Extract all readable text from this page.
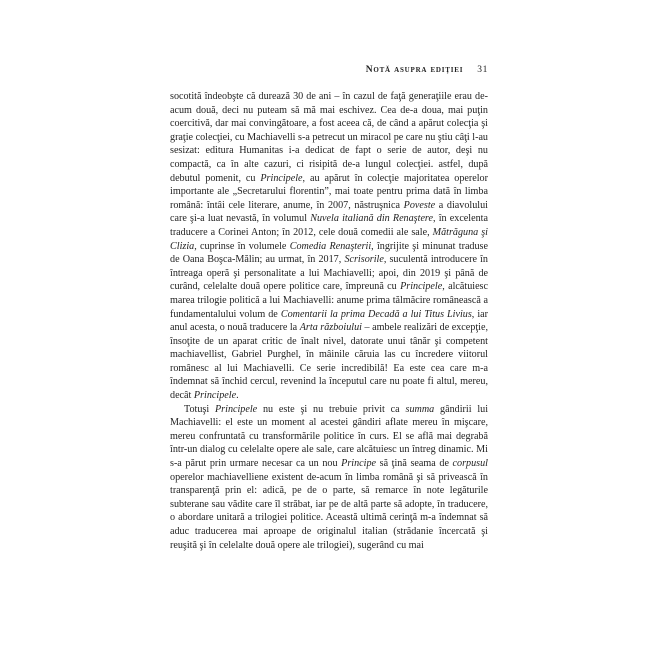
Notă asupra ediţiei 31

socotită îndeobşte că durează 30 de ani – în cazul de faţă generaţiile erau de-acum două, deci nu puteam să mă mai eschivez. Cea de-a doua, mai puţin coercitivă, dar mai convingătoare, a fost aceea că, de când a apărut colecţia şi graţie colecţiei, cu Machiavelli s-a petrecut un miracol pe care nu ştiu câţi l-au sesizat: editura Humanitas i-a dedicat de fapt o serie de autor, deşi nu compactă, ca în alte cazuri, ci risipită de-a lungul colecţiei. astfel, după debutul pomenit, cu Principele, au apărut în colecţie majoritatea operelor importante ale „Secretarului florentin”, mai toate pentru prima dată în limba română: întâi cele literare, anume, în 2007, năstruşnica Poveste a diavolului care şi-a luat nevastă, în volumul Nuvela italiană din Renaştere, în excelenta traducere a Corinei Anton; în 2012, cele două comedii ale sale, Mătrăguna şi Clizia, cuprinse în volumele Comedia Renaşterii, îngrijite şi minunat traduse de Oana Boşca-Mălin; au urmat, în 2017, Scrisorile, suculentă introducere în întreaga operă şi personalitate a lui Machiavelli; apoi, din 2019 şi până de curând, celelalte două opere politice care, împreună cu Principele, alcătuiesc marea trilogie politică a lui Machiavelli: anume prima tălmăcire românească a fundamentalului volum de Comentarii la prima Decadă a lui Titus Livius, iar anul acesta, o nouă traducere la Arta războiului – ambele realizări de excepţie, însoţite de un aparat critic de înalt nivel, datorate unui tânăr şi competent machiavellist, Gabriel Purghel, în mâinile căruia las cu încredere viitorul românesc al lui Machiavelli. Ce serie incredibilă! Ea este cea care m-a îndemnat să închid cercul, revenind la începutul care nu poate fi altul, mereu, decât Principele.

Totuşi Principele nu este şi nu trebuie privit ca summa gândirii lui Machiavelli: el este un moment al acestei gândiri aflate mereu în mişcare, mereu confruntată cu transformările politice în curs. El se află mai degrabă într-un dialog cu celelalte opere ale sale, care alcătuiesc un întreg dinamic. Mi s-a părut prin urmare necesar ca un nou Principe să ţină seama de corpusul operelor machiavelliene existent de-acum în limba română şi să privească în transparenţă prin el: adică, pe de o parte, să remarce în note legăturile subterane sau vădite care îl străbat, iar pe de altă parte să adopte, în traducere, o abordare unitară a trilogiei politice. Această ultimă cerinţă m-a îndemnat să aduc traducerea mai aproape de originalul italian (strădanie încercată şi reuşită şi în celelalte două opere ale trilogiei), sugerând cu mai
